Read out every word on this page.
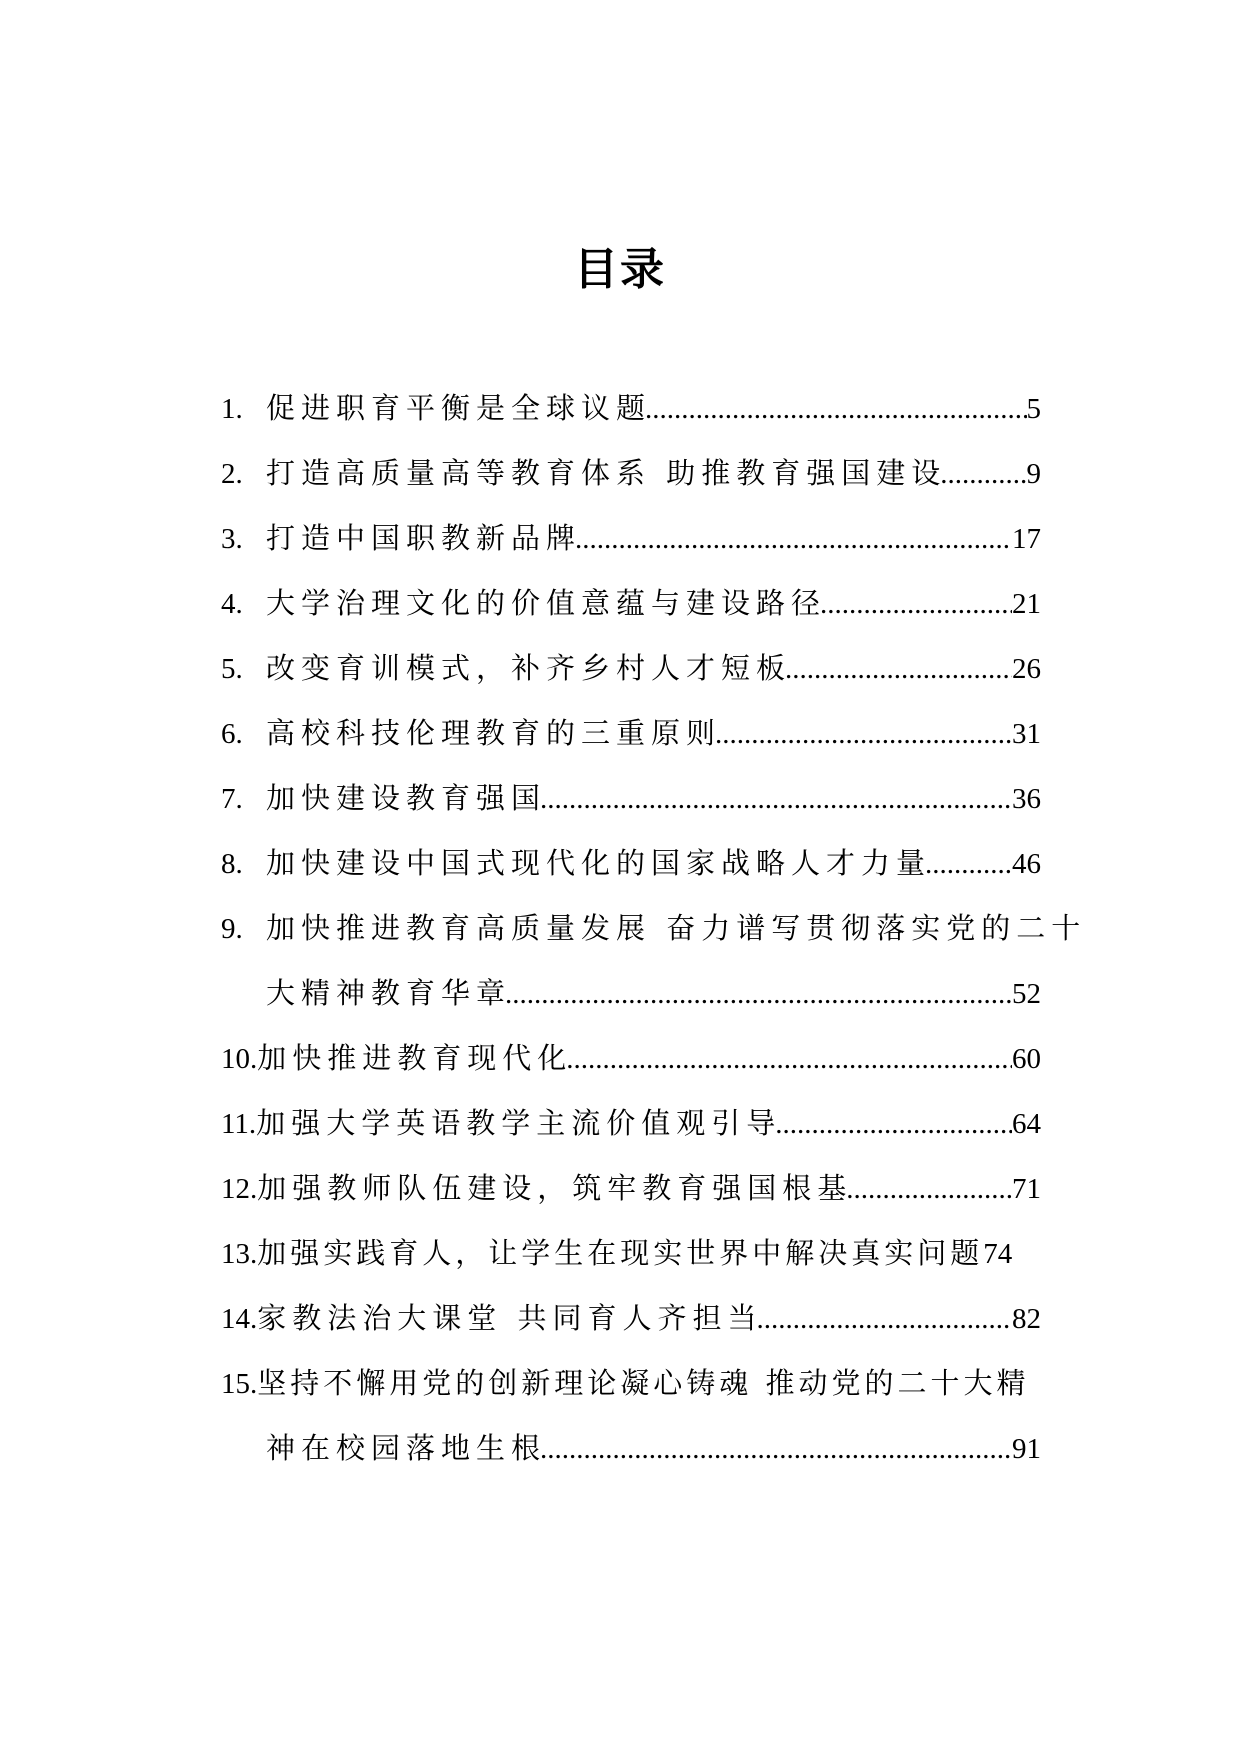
目录
1. 促进职育平衡是全球议题 .....	5
2. 打造高质量高等教育体系 助推教育强国建设 .....	9
3. 打造中国职教新品牌 .....	17
4. 大学治理文化的价值意蕴与建设路径 .....	21
5. 改变育训模式，补齐乡村人才短板 .....	26
6. 高校科技伦理教育的三重原则 .....	31
7. 加快建设教育强国 .....	36
8. 加快建设中国式现代化的国家战略人才力量 .....	46
9. 加快推进教育高质量发展 奋力谱写贯彻落实党的二十
大精神教育华章 .....	52
10. 加快推进教育现代化 .....	60
11. 加强大学英语教学主流价值观引导 .....	64
12. 加强教师队伍建设，筑牢教育强国根基 .....	71
13. 加强实践育人，让学生在现实世界中解决真实问题 74
14. 家教法治大课堂 共同育人齐担当 .....	82
15. 坚持不懈用党的创新理论凝心铸魂 推动党的二十大精
神在校园落地生根 .....	91
